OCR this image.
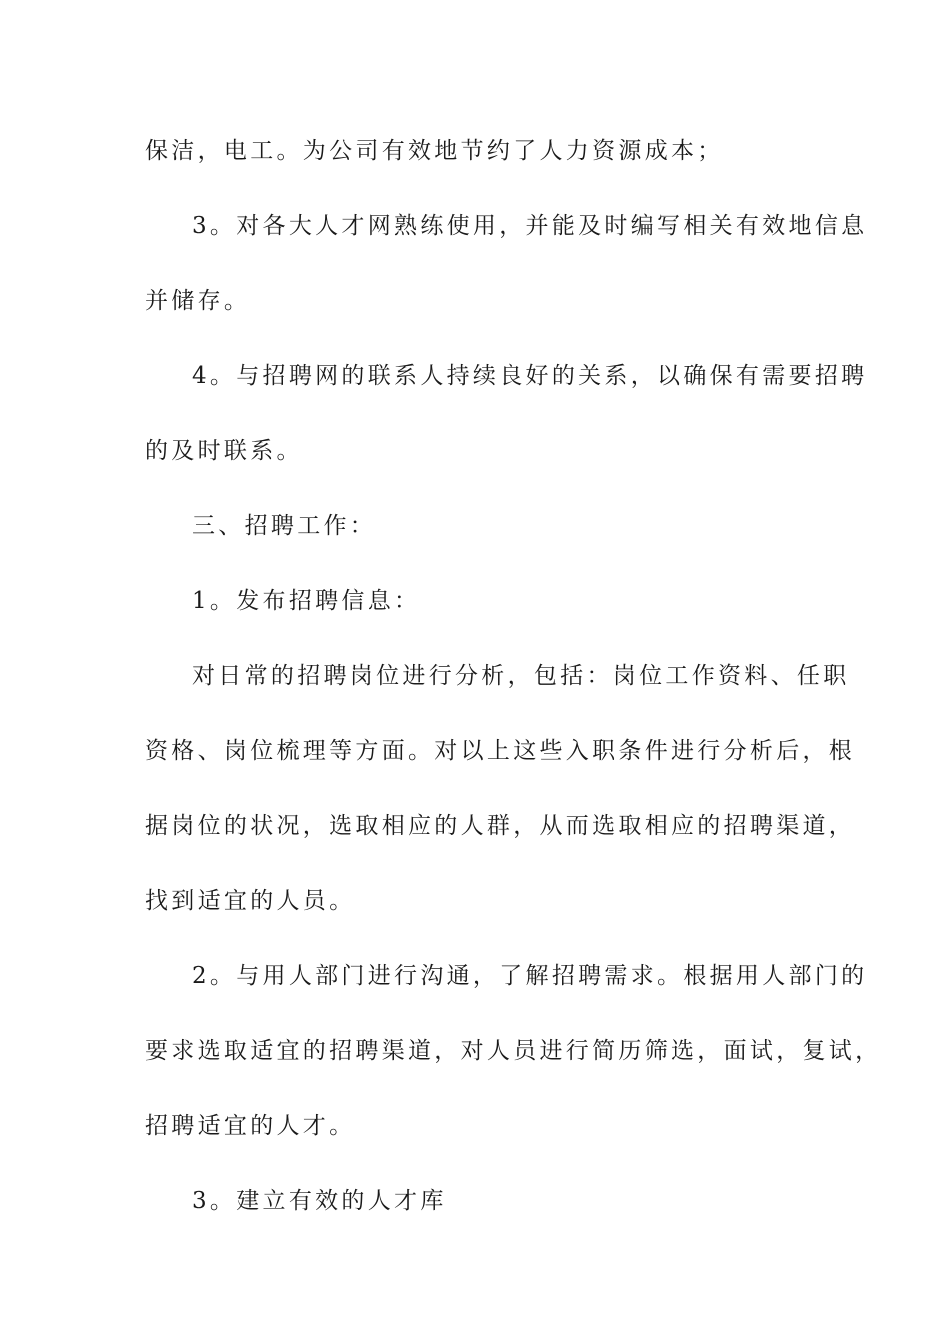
保洁，电工。为公司有效地节约了人力资源成本；
3。对各大人才网熟练使用，并能及时编写相关有效地信息
并储存。
4。与招聘网的联系人持续良好的关系，以确保有需要招聘
的及时联系。
三、招聘工作：
1。发布招聘信息：
对日常的招聘岗位进行分析，包括：岗位工作资料、任职
资格、岗位梳理等方面。对以上这些入职条件进行分析后，根
据岗位的状况，选取相应的人群，从而选取相应的招聘渠道，
找到适宜的人员。
2。与用人部门进行沟通，了解招聘需求。根据用人部门的
要求选取适宜的招聘渠道，对人员进行简历筛选，面试，复试，
招聘适宜的人才。
3。建立有效的人才库
